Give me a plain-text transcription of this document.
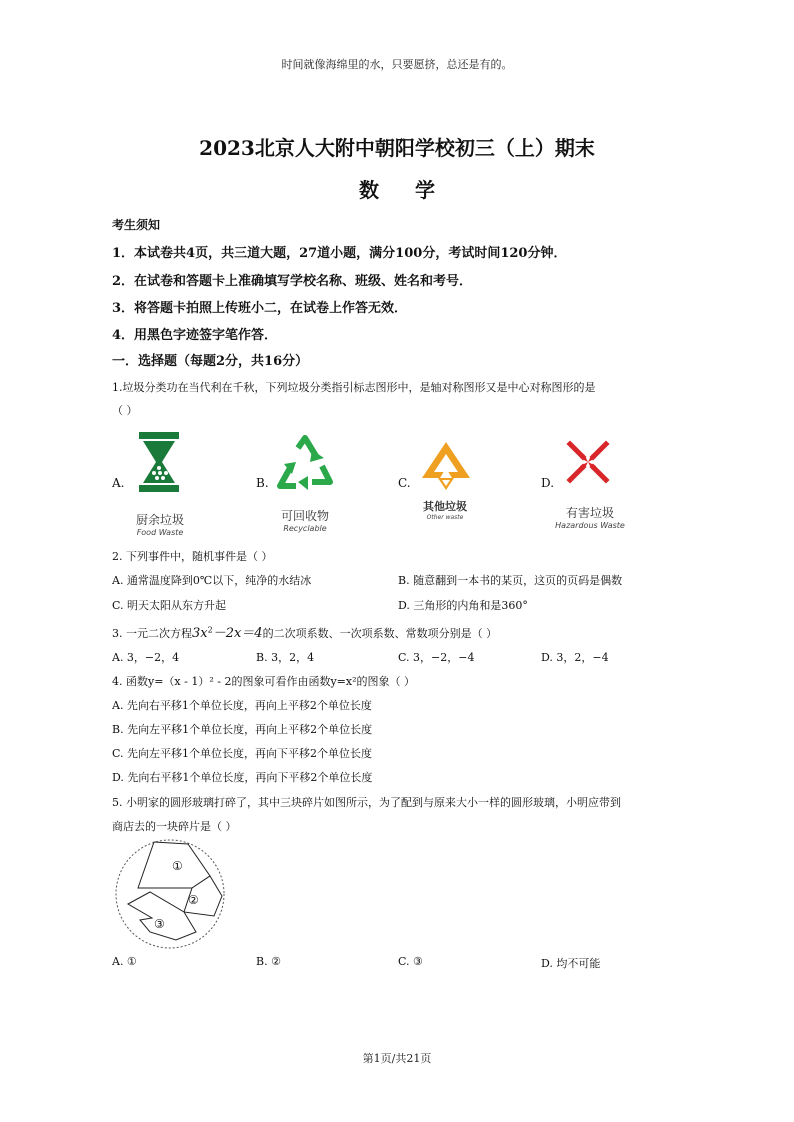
时间就像海绵里的水，只要愿挤，总还是有的。
2023北京人大附中朝阳学校初三（上）期末
数 学
考生须知
1．本试卷共4页，共三道大题，27道小题，满分100分，考试时间120分钟．
2．在试卷和答题卡上准确填写学校名称、班级、姓名和考号．
3．将答题卡拍照上传班小二，在试卷上作答无效．
4．用黑色字迹签字笔作答．
一．选择题（每题2分，共16分）
1.垃圾分类功在当代利在千秋，下列垃圾分类指引标志图形中，是轴对称图形又是中心对称图形的是
（ ）
A.
厨余垃圾
Food Waste
B.
可回收物
Recyclable
C.
其他垃圾
Other waste
D.
有害垃圾
Hazardous Waste
2. 下列事件中，随机事件是（ ）
A. 通常温度降到0℃以下，纯净的水结冰	B. 随意翻到一本书的某页，这页的页码是偶数
C. 明天太阳从东方升起	D. 三角形的内角和是360°
3. 一元二次方程$3x^2-2x=4$的二次项系数、一次项系数、常数项分别是（ ）
A. 3，−2，4	B. 3，2，4	C. 3，−2，−4	D. 3，2，−4
4. 函数y=（x - 1）² - 2的图象可看作由函数y=x²的图象（ ）
A. 先向右平移1个单位长度，再向上平移2个单位长度
B. 先向左平移1个单位长度，再向上平移2个单位长度
C. 先向左平移1个单位长度，再向下平移2个单位长度
D. 先向右平移1个单位长度，再向下平移2个单位长度
5. 小明家的圆形玻璃打碎了，其中三块碎片如图所示，为了配到与原来大小一样的圆形玻璃，小明应带到
商店去的一块碎片是（ ）
①
②
③
A. ①	B. ②	C. ③	D. 均不可能
第1页/共21页
